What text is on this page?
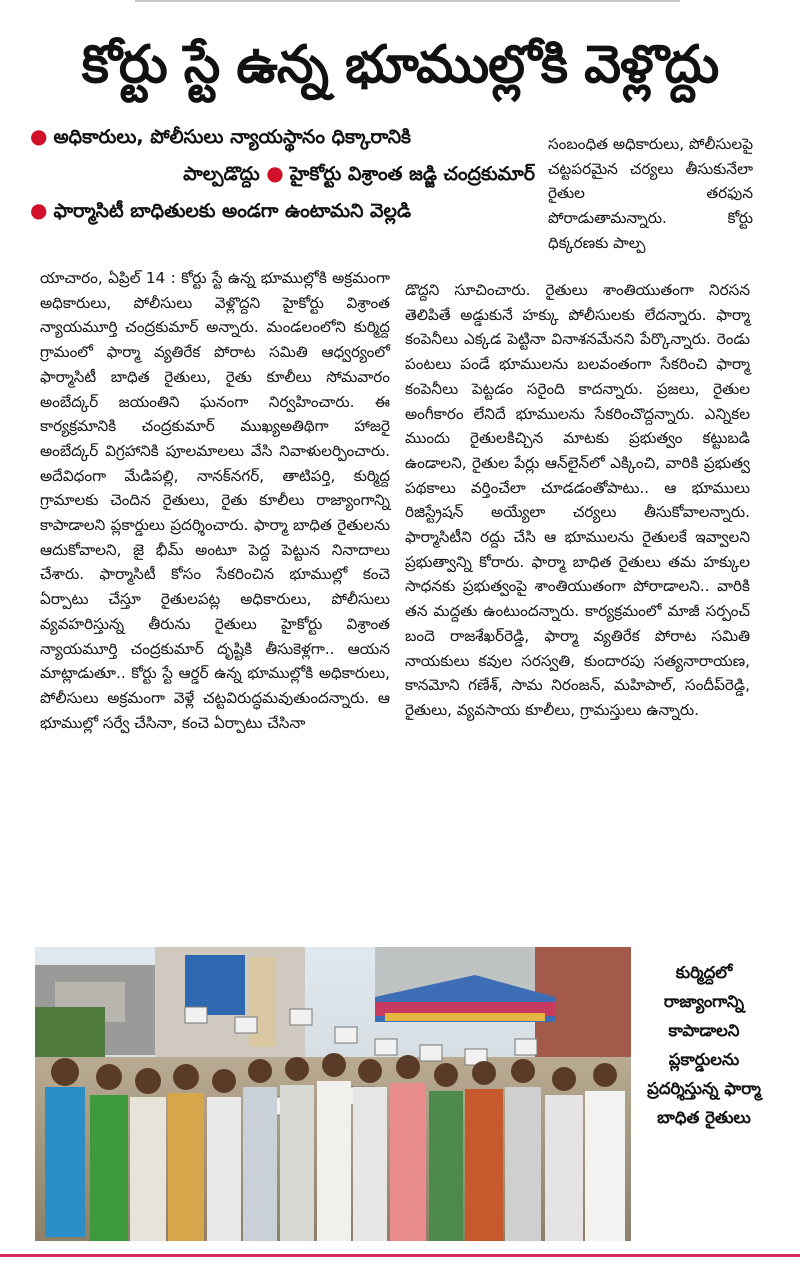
కోర్టు స్టే ఉన్న భూముల్లోకి వెళ్లొద్దు
● అధికారులు, పోలీసులు న్యాయస్థానం ధిక్కారానికి
పాల్పడొద్దు ● హైకోర్టు విశ్రాంత జడ్జి చంద్రకుమార్
● ఫార్మాసిటీ బాధితులకు అండగా ఉంటామని వెల్లడి

సంబంధిత అధికారులు, పోలీసులపై చట్టపరమైన చర్యలు తీసుకునేలా రైతుల తరఫున పోరాడుతామన్నారు. కోర్టు ధిక్కరణకు పాల్ప

యాచారం, ఏప్రిల్‌ 14 : కోర్టు స్టే ఉన్న భూముల్లోకి అక్రమంగా అధికారులు, పోలీసులు వెళ్లొద్దని హైకోర్టు విశ్రాంత న్యాయమూర్తి చంద్రకుమార్‌ అన్నారు. మండలంలోని కుర్మిద్ద గ్రామంలో ఫార్మా వ్యతిరేక పోరాట సమితి ఆధ్వర్యంలో ఫార్మాసిటీ బాధిత రైతులు, రైతు కూలీలు సోమవారం అంబేద్కర్‌ జయంతిని ఘనంగా నిర్వహించారు. ఈ కార్యక్రమానికి చంద్రకుమార్‌ ముఖ్యఅతిథిగా హాజరై అంబేద్కర్‌ విగ్రహానికి పూలమాలలు వేసి నివాళులర్పించారు. అదేవిధంగా మేడిపల్లి, నానక్‌నగర్‌, తాటిపర్తి, కుర్మిద్ద గ్రామాలకు చెందిన రైతులు, రైతు కూలీలు రాజ్యాంగాన్ని కాపాడాలని ప్లకార్డులు ప్రదర్శించారు. ఫార్మా బాధిత రైతులను ఆదుకోవాలని, జై భీమ్‌ అంటూ పెద్ద పెట్టున నినాదాలు చేశారు. ఫార్మాసిటీ కోసం సేకరించిన భూముల్లో కంచె ఏర్పాటు చేస్తూ రైతులపట్ల అధికారులు, పోలీసులు వ్యవహరిస్తున్న తీరును రైతులు హైకోర్టు విశ్రాంత న్యాయమూర్తి చంద్రకుమార్‌ దృష్టికి తీసుకెళ్లగా.. ఆయన మాట్లాడుతూ.. కోర్టు స్టే ఆర్డర్‌ ఉన్న భూముల్లోకి అధికారులు, పోలీసులు అక్రమంగా వెళ్లే చట్టవిరుద్ధమవుతుందన్నారు. ఆ భూముల్లో సర్వే చేసినా, కంచె ఏర్పాటు చేసినా

డొద్దని సూచించారు. రైతులు శాంతియుతంగా నిరసన తెలిపితే అడ్డుకునే హక్కు పోలీసులకు లేదన్నారు. ఫార్మా కంపెనీలు ఎక్కడ పెట్టినా వినాశనమేనని పేర్కొన్నారు. రెండు పంటలు పండే భూములను బలవంతంగా సేకరించి ఫార్మా కంపెనీలు పెట్టడం సరైంది కాదన్నారు. ప్రజలు, రైతుల అంగీకారం లేనిదే భూములను సేకరించొద్దన్నారు. ఎన్నికల ముందు రైతులకిచ్చిన మాటకు ప్రభుత్వం కట్టుబడి ఉండాలని, రైతుల పేర్లు ఆన్‌లైన్‌లో ఎక్కించి, వారికి ప్రభుత్వ పథకాలు వర్తించేలా చూడడంతోపాటు.. ఆ భూములు రిజిస్ట్రేషన్‌ అయ్యేలా చర్యలు తీసుకోవాలన్నారు. ఫార్మాసిటీని రద్దు చేసి ఆ భూములను రైతులకే ఇవ్వాలని ప్రభుత్వాన్ని కోరారు. ఫార్మా బాధిత రైతులు తమ హక్కుల సాధనకు ప్రభుత్వంపై శాంతియుతంగా పోరాడాలని.. వారికి తన మద్దతు ఉంటుందన్నారు. కార్యక్రమంలో మాజీ సర్పంచ్‌ బందె రాజశేఖర్‌రెడ్డి, ఫార్మా వ్యతిరేక పోరాట సమితి నాయకులు కవుల సరస్వతి, కుందారపు సత్యనారాయణ, కానమోని గణేశ్‌, సామ నిరంజన్‌, మహిపాల్‌, సందీప్‌రెడ్డి, రైతులు, వ్యవసాయ కూలీలు, గ్రామస్తులు ఉన్నారు.

కుర్మిద్దలో రాజ్యాంగాన్ని కాపాడాలని ప్లకార్డులను ప్రదర్శిస్తున్న ఫార్మా బాధిత రైతులు
